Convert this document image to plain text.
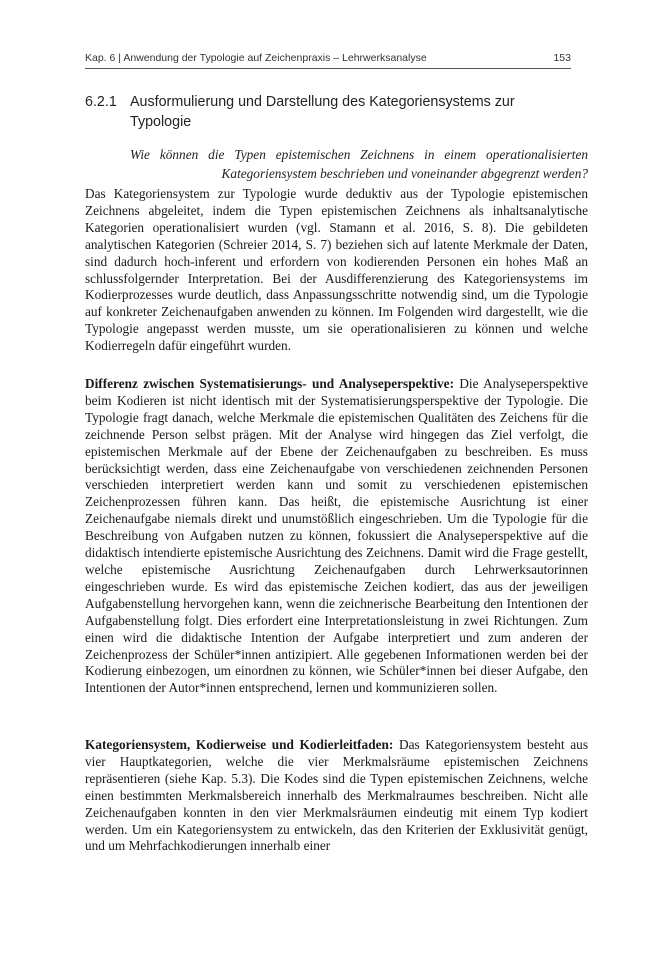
Kap. 6 | Anwendung der Typologie auf Zeichenpraxis – Lehrwerksanalyse	153
6.2.1 Ausformulierung und Darstellung des Kategoriensystems zur Typologie
Wie können die Typen epistemischen Zeichnens in einem operationalisierten Kategoriensystem beschrieben und voneinander abgegrenzt werden?

Das Kategoriensystem zur Typologie wurde deduktiv aus der Typologie epistemischen Zeichnens abgeleitet, indem die Typen epistemischen Zeichnens als inhaltsanalytische Kategorien operationalisiert wurden (vgl. Stamann et al. 2016, S. 8). Die gebildeten analytischen Kategorien (Schreier 2014, S. 7) beziehen sich auf latente Merkmale der Daten, sind dadurch hoch-inferent und erfordern von kodierenden Personen ein hohes Maß an schlussfolgernder Interpretation. Bei der Ausdifferenzierung des Kategoriensystems im Kodierprozesses wurde deutlich, dass Anpassungsschritte notwendig sind, um die Typologie auf konkreter Zeichenaufgaben anwenden zu können. Im Folgenden wird dargestellt, wie die Typologie angepasst werden musste, um sie operationalisieren zu können und welche Kodierregeln dafür eingeführt wurden.

Differenz zwischen Systematisierungs- und Analyseperspektive: Die Analyseperspektive beim Kodieren ist nicht identisch mit der Systematisierungsperspektive der Typologie. Die Typologie fragt danach, welche Merkmale die epistemischen Qualitäten des Zeichens für die zeichnende Person selbst prägen. Mit der Analyse wird hingegen das Ziel verfolgt, die epistemischen Merkmale auf der Ebene der Zeichenaufgaben zu beschreiben. Es muss berücksichtigt werden, dass eine Zeichenaufgabe von verschiedenen zeichnenden Personen verschieden interpretiert werden kann und somit zu verschiedenen epistemischen Zeichenprozessen führen kann. Das heißt, die epistemische Ausrichtung ist einer Zeichenaufgabe niemals direkt und unumstößlich eingeschrieben. Um die Typologie für die Beschreibung von Aufgaben nutzen zu können, fokussiert die Analyseperspektive auf die didaktisch intendierte epistemische Ausrichtung des Zeichnens. Damit wird die Frage gestellt, welche epistemische Ausrichtung Zeichenaufgaben durch Lehrwerksautorinnen eingeschrieben wurde. Es wird das epistemische Zeichen kodiert, das aus der jeweiligen Aufgabenstellung hervorgehen kann, wenn die zeichnerische Bearbeitung den Intentionen der Aufgabenstellung folgt. Dies erfordert eine Interpretationsleistung in zwei Richtungen. Zum einen wird die didaktische Intention der Aufgabe interpretiert und zum anderen der Zeichenprozess der Schüler*innen antizipiert. Alle gegebenen Informationen werden bei der Kodierung einbezogen, um einordnen zu können, wie Schüler*innen bei dieser Aufgabe, den Intentionen der Autor*innen entsprechend, lernen und kommunizieren sollen.

Kategoriensystem, Kodierweise und Kodierleitfaden: Das Kategoriensystem besteht aus vier Hauptkategorien, welche die vier Merkmalsräume epistemischen Zeichnens repräsentieren (siehe Kap. 5.3). Die Kodes sind die Typen epistemischen Zeichnens, welche einen bestimmten Merkmalsbereich innerhalb des Merkmalraumes beschreiben. Nicht alle Zeichenaufgaben konnten in den vier Merkmalsräumen eindeutig mit einem Typ kodiert werden. Um ein Kategoriensystem zu entwickeln, das den Kriterien der Exklusivität genügt, und um Mehrfachkodierungen innerhalb einer
